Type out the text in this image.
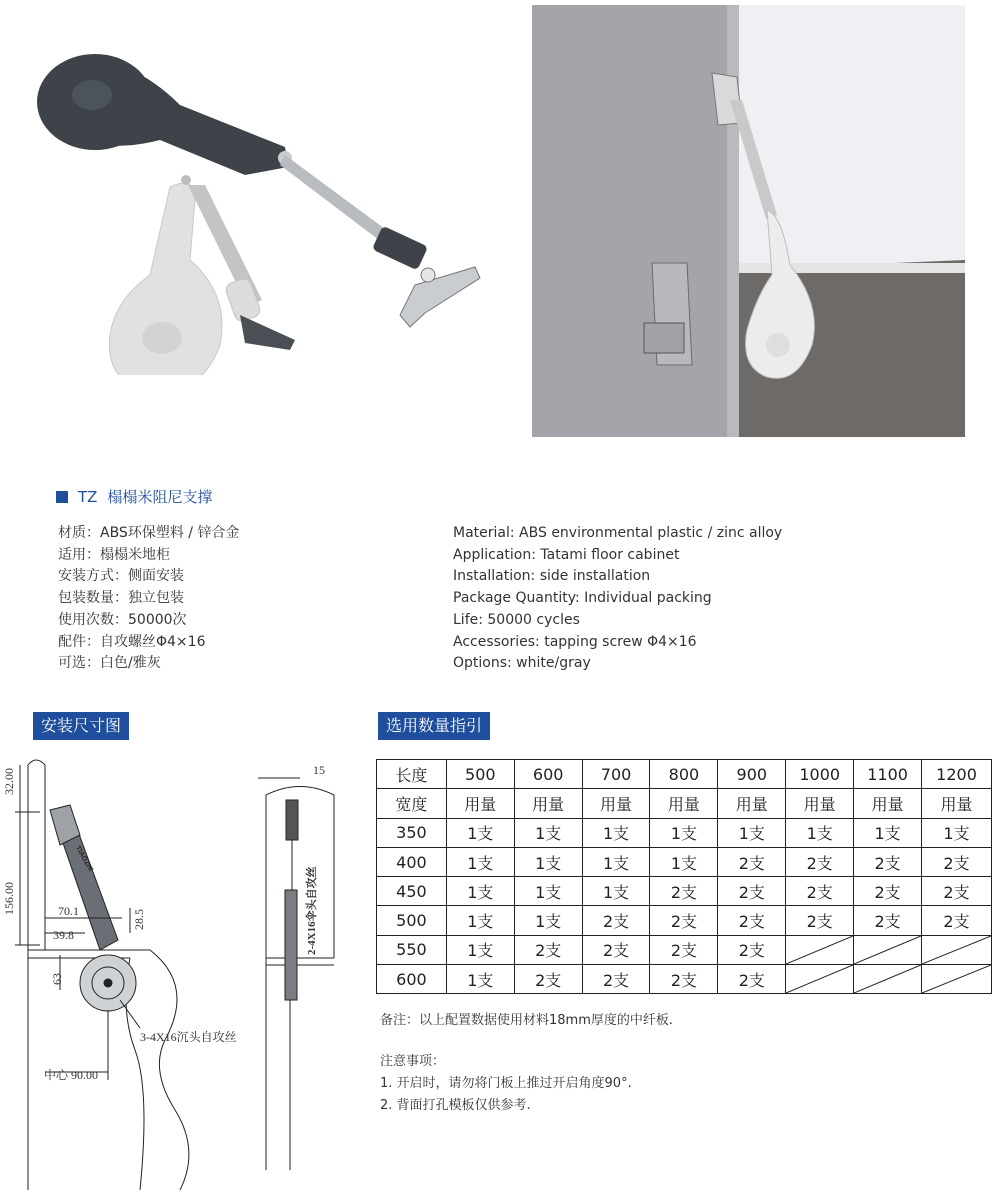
TZ 榻榻米阻尼支撑
材质：ABS环保塑料 / 锌合金
适用：榻榻米地柜
安装方式：侧面安装
包装数量：独立包装
使用次数：50000次
配件：自攻螺丝Φ4×16
可选：白色/雅灰
Material: ABS environmental plastic / zinc alloy
Application: Tatami floor cabinet
Installation: side installation
Package Quantity: Individual packing
Life: 50000 cycles
Accessories: tapping screw Φ4×16
Options: white/gray
安装尺寸图	选用数量指引
32.00
156.00	70.1
39.8
28.5
63
3-4X16沉头自攻丝
中心 90.00
15
2-4X16伞头自攻丝
TIAOZHI
长度	500	600	700	800	900	1000	1100	1200
宽度	用量	用量	用量	用量	用量	用量	用量	用量
350	1支	1支	1支	1支	1支	1支	1支	1支
400	1支	1支	1支	1支	2支	2支	2支	2支
450	1支	1支	1支	2支	2支	2支	2支	2支
500	1支	1支	2支	2支	2支	2支	2支	2支
550	1支	2支	2支	2支	2支	

600	1支	2支	2支	2支	2支	

备注：以上配置数据使用材料18mm厚度的中纤板.
注意事项：
1. 开启时，请勿将门板上推过开启角度90°.
2. 背面打孔模板仅供参考.
